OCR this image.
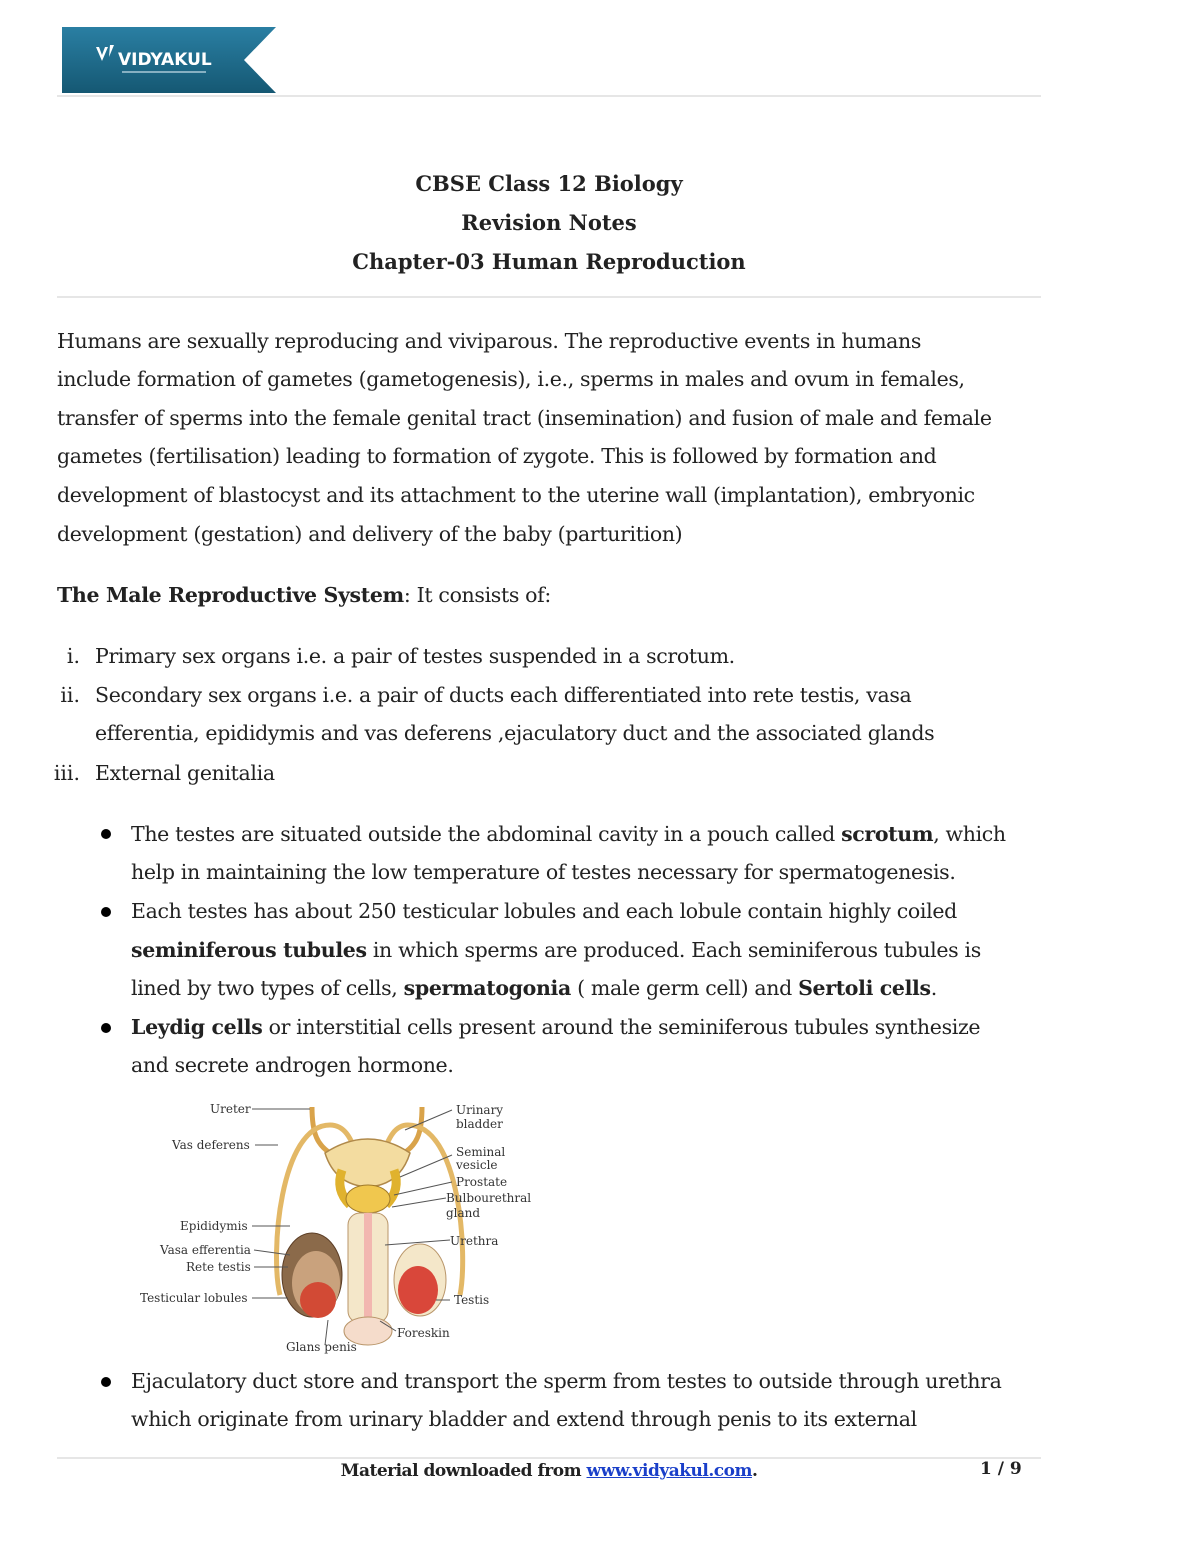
VIDYAKUL
CBSE Class 12 Biology
Revision Notes
Chapter-03 Human Reproduction
Humans are sexually reproducing and viviparous. The reproductive events in humans
include formation of gametes (gametogenesis), i.e., sperms in males and ovum in females,
transfer of sperms into the female genital tract (insemination) and fusion of male and female
gametes (fertilisation) leading to formation of zygote. This is followed by formation and
development of blastocyst and its attachment to the uterine wall (implantation), embryonic
development (gestation) and delivery of the baby (parturition)
The Male Reproductive System: It consists of:
i. Primary sex organs i.e. a pair of testes suspended in a scrotum.
ii. Secondary sex organs i.e. a pair of ducts each differentiated into rete testis, vasa
efferentia, epididymis and vas deferens ,ejaculatory duct and the associated glands
iii. External genitalia
The testes are situated outside the abdominal cavity in a pouch called scrotum, which
help in maintaining the low temperature of testes necessary for spermatogenesis.
Each testes has about 250 testicular lobules and each lobule contain highly coiled
seminiferous tubules in which sperms are produced. Each seminiferous tubules is
lined by two types of cells, spermatogonia ( male germ cell) and Sertoli cells.
Leydig cells or interstitial cells present around the seminiferous tubules synthesize
and secrete androgen hormone.
Ureter
Vas deferens
Epididymis
Vasa efferentia
Rete testis
Testicular lobules
Glans penis
Foreskin
Testis
Urethra
Bulbourethral
gland
Prostate
Seminal
vesicle
Urinary
bladder
Ejaculatory duct store and transport the sperm from testes to outside through urethra
which originate from urinary bladder and extend through penis to its external
Material downloaded from www.vidyakul.com.	1 / 9
